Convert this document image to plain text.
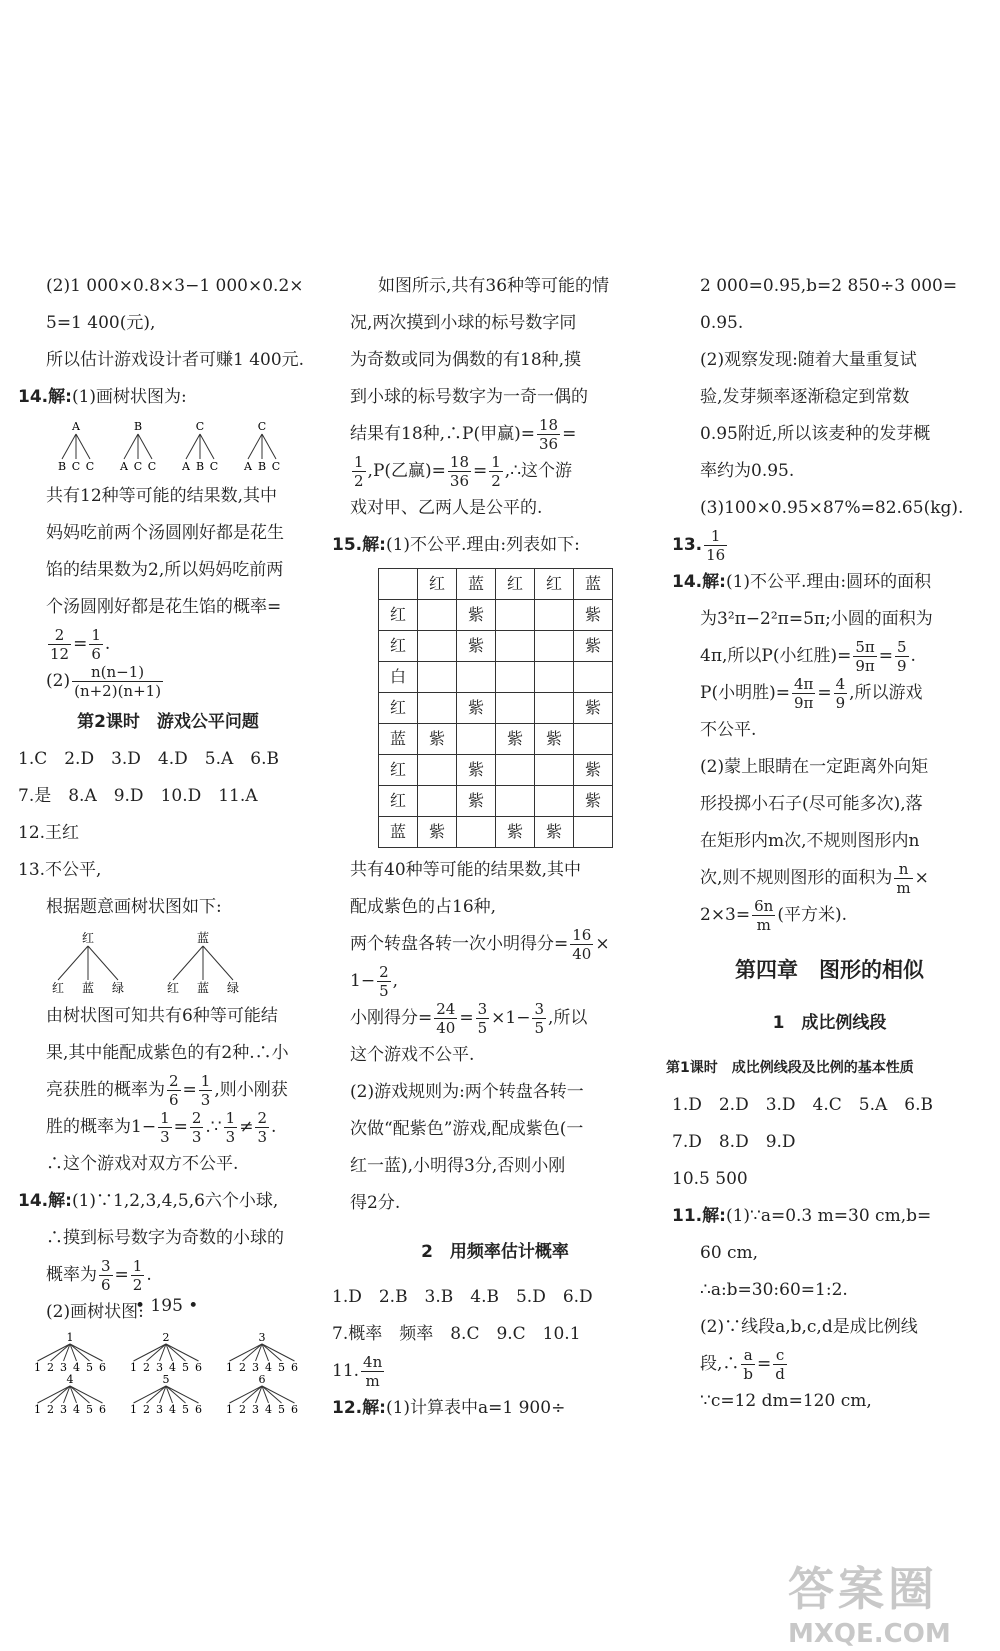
(2)1 000×0.8×3−1 000×0.2×
5=1 400(元),
所以估计游戏设计者可赚1 400元.
14.解:(1)画树状图为:
A
B C C
B
A C C
C
A B C
C
A B C
共有12种等可能的结果数,其中
妈妈吃前两个汤圆刚好都是花生
馅的结果数为2,所以妈妈吃前两
个汤圆刚好都是花生馅的概率=
$\frac{2}{12} = \frac{1}{6}$ .
$(2) \frac{n(n-1)}{(n+2)(n+1)}$
第2课时　游戏公平问题
1.C　2.D　3.D　4.D　5.A　6.B
7.是　8.A　9.D　10.D　11.A
12.王红
13.不公平,
根据题意画树状图如下:
红
红 蓝 绿
蓝
红 蓝 绿
由树状图可知共有6种等可能结
果,其中能配成紫色的有2种.∴小
亮获胜的概率为 $\frac{2}{6} = \frac{1}{3}$ ,则小刚获
胜的概率为$1- \frac{1}{3} = \frac{2}{3}$ .∵ $\frac{1}{3} \ne \frac{2}{3}$ .
∴这个游戏对双方不公平.
14.解:(1)∵1,2,3,4,5,6六个小球,
∴摸到标号数字为奇数的小球的
概率为 $\frac{3}{6} = \frac{1}{2}$ .
(2)画树状图:
1
1 2 3 4 5 6
2
1 2 3 4 5 6
3
1 2 3 4 5 6
4
1 2 3 4 5 6
5
1 2 3 4 5 6
6
1 2 3 4 5 6
• 195 •
如图所示,共有36种等可能的情
况,两次摸到小球的标号数字同
为奇数或同为偶数的有18种,摸
到小球的标号数字为一奇一偶的
结果有18种,∴P(甲赢)= $\frac{18}{36}$ =
$\frac{1}{2} ,P$(乙赢)= $\frac{18}{36} = \frac{1}{2}$ ,∴这个游
戏对甲、乙两人是公平的.
15.解:(1)不公平.理由:列表如下:
	红	蓝	红	红	蓝
红		紫			紫
红		紫			紫
白					
红		紫			紫
蓝	紫		紫	紫	
红		紫			紫
红		紫			紫
蓝	紫		紫	紫	
共有40种等可能的结果数,其中
配成紫色的占16种,
两个转盘各转一次小明得分= $\frac{16}{40}$ ×
$1- \frac{2}{5}$ ,
小刚得分= $\frac{24}{40} = \frac{3}{5} \times 1- \frac{3}{5}$ ,所以
这个游戏不公平.
(2)游戏规则为:两个转盘各转一
次做“配紫色”游戏,配成紫色(一
红一蓝),小明得3分,否则小刚
得2分.
2　用频率估计概率
1.D　2.B　3.B　4.B　5.D　6.D
7.概率　频率　8.C　9.C　10.1
11. $\frac{4n}{m}$
12.解:(1)计算表中a=1 900÷
2 000=0.95,b=2 850÷3 000=
0.95.
(2)观察发现:随着大量重复试
验,发芽频率逐渐稳定到常数
0.95附近,所以该麦种的发芽概
率约为0.95.
(3)100×0.95×87%=82.65(kg).
13. $\frac{1}{16}$
14.解:(1)不公平.理由:圆环的面积
为3²π−2²π=5π;小圆的面积为
4π,所以P(小红胜)= $\frac{5\pi}{9\pi} = \frac{5}{9}$ .
P(小明胜)= $\frac{4\pi}{9\pi} = \frac{4}{9}$ ,所以游戏
不公平.
(2)蒙上眼睛在一定距离外向矩
形投掷小石子(尽可能多次),落
在矩形内m次,不规则图形内n
次,则不规则图形的面积为 $\frac{n}{m}$ ×
$2\times 3= \frac{6n}{m}$ (平方米).
第四章　图形的相似
1　成比例线段
第1课时　成比例线段及比例的基本性质
1.D　2.D　3.D　4.C　5.A　6.B
7.D　8.D　9.D
10.5 500
11.解:(1)∵a=0.3 m=30 cm,b=
60 cm,
∴a:b=30:60=1:2.
(2)∵线段a,b,c,d是成比例线
段,∴ $\frac{a}{b} = \frac{c}{d}$
∵c=12 dm=120 cm,
答案圈
MXQE.COM
